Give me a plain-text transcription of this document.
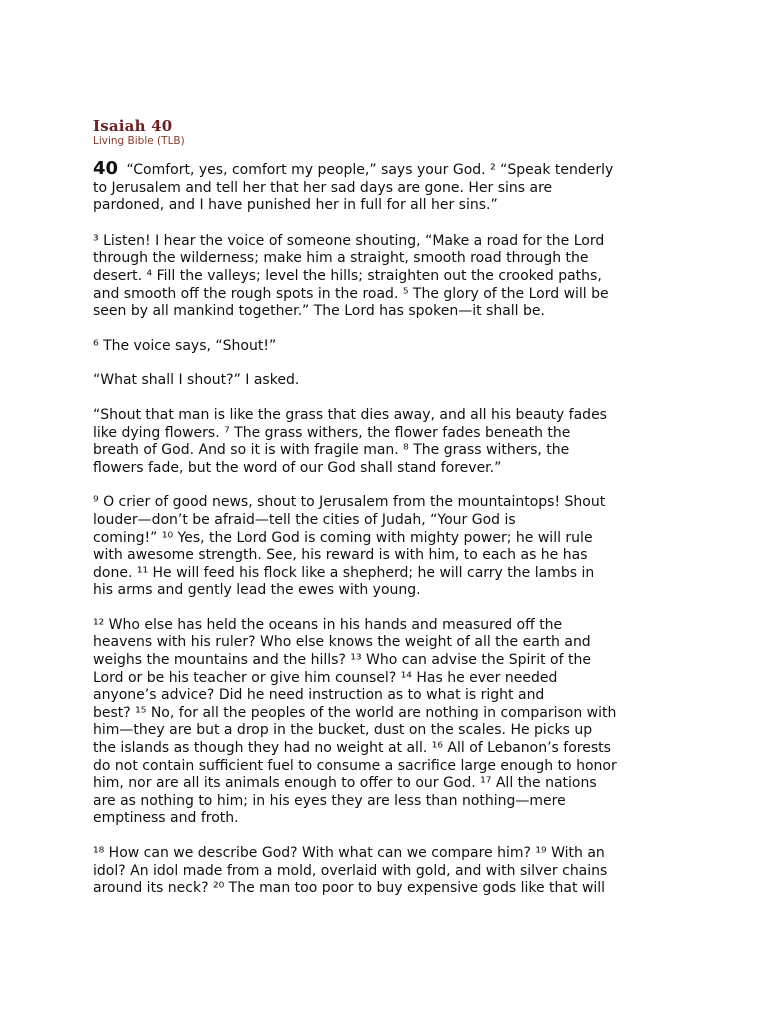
Isaiah 40
Living Bible (TLB)

40 “Comfort, yes, comfort my people,” says your God. ² “Speak tenderly
to Jerusalem and tell her that her sad days are gone. Her sins are
pardoned, and I have punished her in full for all her sins.”

³ Listen! I hear the voice of someone shouting, “Make a road for the Lord
through the wilderness; make him a straight, smooth road through the
desert. ⁴ Fill the valleys; level the hills; straighten out the crooked paths,
and smooth off the rough spots in the road. ⁵ The glory of the Lord will be
seen by all mankind together.” The Lord has spoken—it shall be.

⁶ The voice says, “Shout!”

“What shall I shout?” I asked.

“Shout that man is like the grass that dies away, and all his beauty fades
like dying flowers. ⁷ The grass withers, the flower fades beneath the
breath of God. And so it is with fragile man. ⁸ The grass withers, the
flowers fade, but the word of our God shall stand forever.”

⁹ O crier of good news, shout to Jerusalem from the mountaintops! Shout
louder—don’t be afraid—tell the cities of Judah, “Your God is
coming!” ¹⁰ Yes, the Lord God is coming with mighty power; he will rule
with awesome strength. See, his reward is with him, to each as he has
done. ¹¹ He will feed his flock like a shepherd; he will carry the lambs in
his arms and gently lead the ewes with young.

¹² Who else has held the oceans in his hands and measured off the
heavens with his ruler? Who else knows the weight of all the earth and
weighs the mountains and the hills? ¹³ Who can advise the Spirit of the
Lord or be his teacher or give him counsel? ¹⁴ Has he ever needed
anyone’s advice? Did he need instruction as to what is right and
best? ¹⁵ No, for all the peoples of the world are nothing in comparison with
him—they are but a drop in the bucket, dust on the scales. He picks up
the islands as though they had no weight at all. ¹⁶ All of Lebanon’s forests
do not contain sufficient fuel to consume a sacrifice large enough to honor
him, nor are all its animals enough to offer to our God. ¹⁷ All the nations
are as nothing to him; in his eyes they are less than nothing—mere
emptiness and froth.

¹⁸ How can we describe God? With what can we compare him? ¹⁹ With an
idol? An idol made from a mold, overlaid with gold, and with silver chains
around its neck? ²⁰ The man too poor to buy expensive gods like that will
